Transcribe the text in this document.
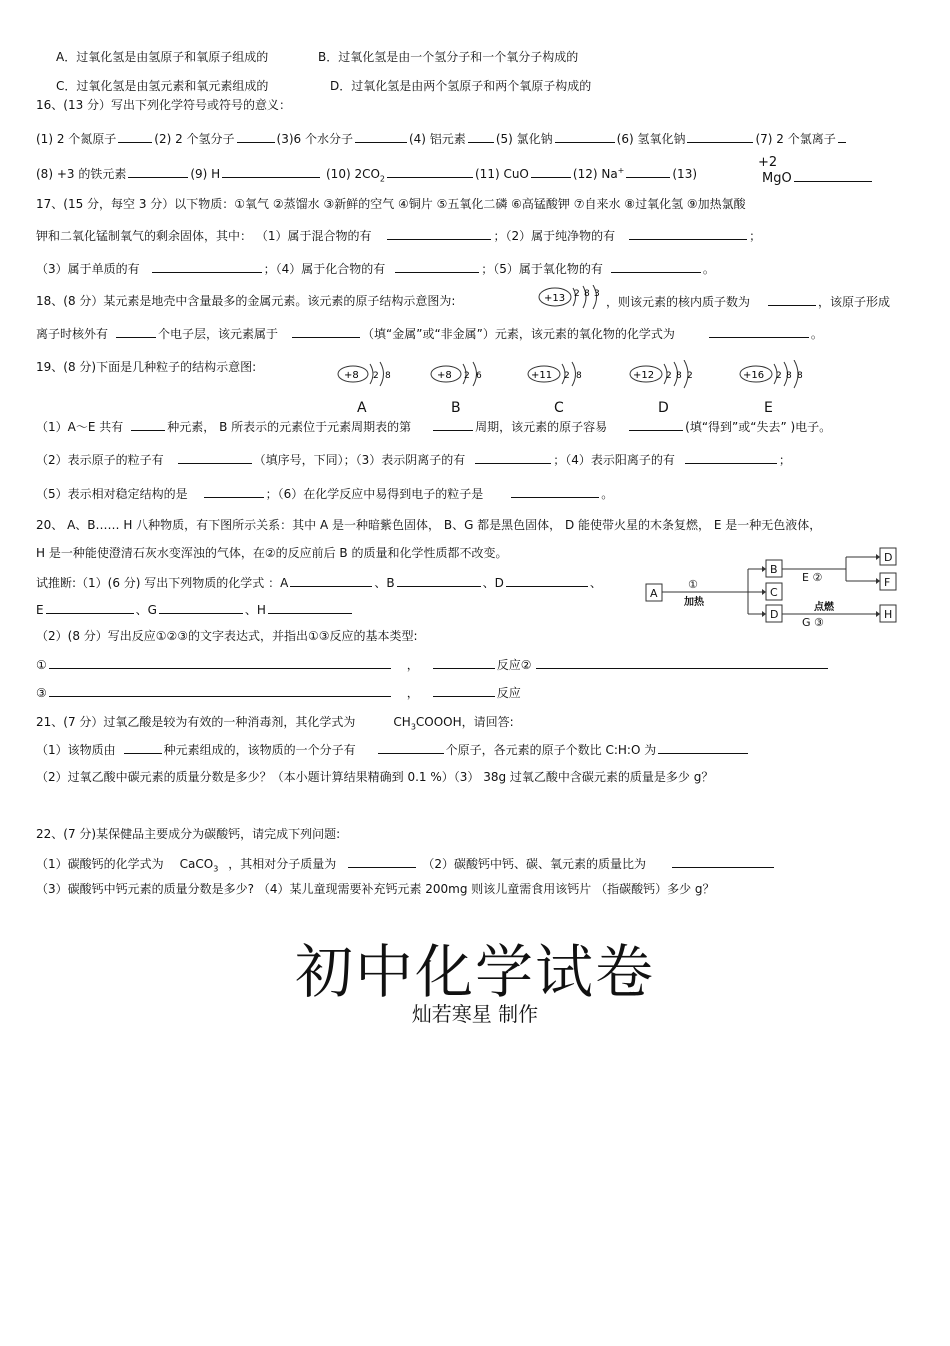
A．过氧化氢是由氢原子和氧原子组成的	B．过氧化氢是由一个氢分子和一个氧分子构成的
C．过氧化氢是由氢元素和氧元素组成的	D．过氧化氢是由两个氢原子和两个氧原子构成的
16、(13 分）写出下列化学符号或符号的意义：
(1) 2 个氮原子	(2) 2 个氢分子	(3)6 个水分子	(4) 铝元素	(5) 氯化钠	(6) 氢氧化钠	(7) 2 个氯离子
(8) +3 的铁元素	(9) H	(10) $2CO_2$	(11) CuO	(12) Na+	(13)
+2
MgO
17、(15 分，每空 3 分）以下物质：①氧气 ②蒸馏水 ③新鲜的空气 ④铜片 ⑤五氧化二磷 ⑥高锰酸钾 ⑦自来水 ⑧过氧化氢 ⑨加热氯酸
钾和二氧化锰制氧气的剩余固体，其中： （1）属于混合物的有	；（2）属于纯净物的有	；
（3）属于单质的有	；（4）属于化合物的有	；（5）属于氧化物的有	。
18、(8 分）某元素是地壳中含量最多的金属元素。该元素的原子结构示意图为:	+13 2 8 3
，则该元素的核内质子数为	，该原子形成
离子时核外有	个电子层，该元素属于	（填“金属”或“非金属”）元素，该元素的氧化物的化学式为	。
19、(8 分)下面是几种粒子的结构示意图:
+8 2 8	+8 2 6	+11 2 8	+12 2 8 2	+16 2 8 8
A	B	C	D	E
（1）A～E 共有	种元素， B 所表示的元素位于元素周期表的第	周期，该元素的原子容易	(填“得到”或“失去” )电子。
（2）表示原子的粒子有	（填序号，下同）；（3）表示阴离子的有	；（4）表示阳离子的有	；
（5）表示相对稳定结构的是	；（6）在化学反应中易得到电子的粒子是	。
20、 A、B…… H 八种物质，有下图所示关系：其中 A 是一种暗紫色固体， B、G 都是黑色固体， D 能使带火星的木条复燃， E 是一种无色液体，
H 是一种能使澄清石灰水变浑浊的气体，在②的反应前后 B 的质量和化学性质都不改变。
试推断:（1）(6 分) 写出下列物质的化学式 ：A	、B	、D	、
E	、G	、H
A
①
加热
B
C
D
E ②
D
F
点燃
G ③
H
（2）(8 分）写出反应①②③的文字表达式，并指出①③反应的基本类型:
①	，	反应②
③	，	反应
21、(7 分）过氧乙酸是较为有效的一种消毒剂，其化学式为	$CH_3COOOH$，请回答:
（1）该物质由	种元素组成的，该物质的一个分子有	个原子，各元素的原子个数比 C:H:O 为
（2）过氧乙酸中碳元素的质量分数是多少？（本小题计算结果精确到 0.1 %）（3） 38g 过氧乙酸中含碳元素的质量是多少 g？
22、(7 分)某保健品主要成分为碳酸钙，请完成下列问题:
（1）碳酸钙的化学式为 CaCO$_3$ ，其相对分子质量为	（2）碳酸钙中钙、碳、氧元素的质量比为
（3）碳酸钙中钙元素的质量分数是多少? （4）某儿童现需要补充钙元素 200mg 则该儿童需食用该钙片 （指碳酸钙）多少 g？
初中化学试卷
灿若寒星 制作
